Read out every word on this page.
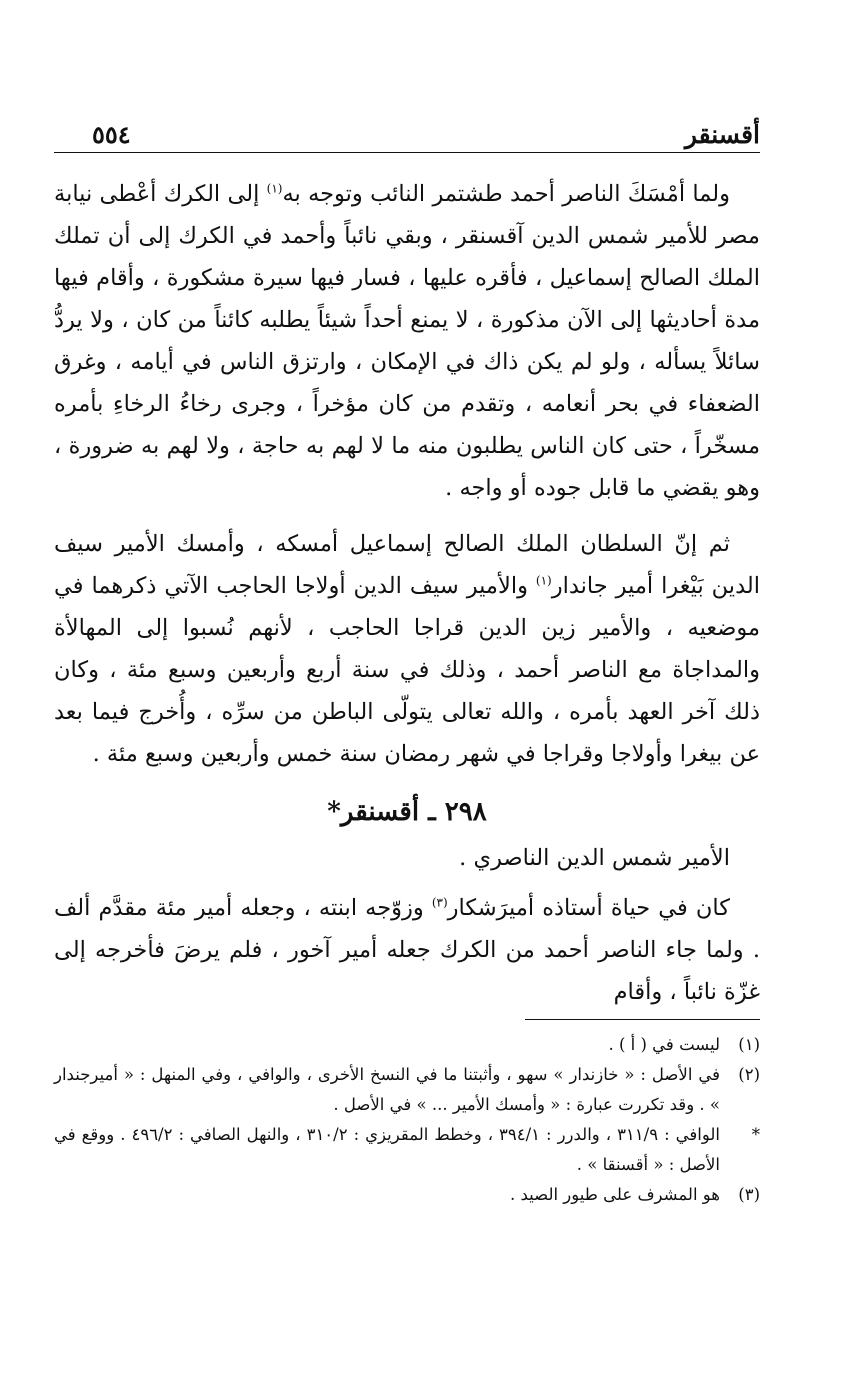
أقسنقر
٥٥٤

ولما أمْسَكَ الناصر أحمد طشتمر النائب وتوجه به$^{(١)}$ إلى الكرك أعْطى نيابة مصر للأمير شمس الدين آقسنقر ، وبقي نائباً وأحمد في الكرك إلى أن تملك الملك الصالح إسماعيل ، فأقره عليها ، فسار فيها سيرة مشكورة ، وأقام فيها مدة أحاديثها إلى الآن مذكورة ، لا يمنع أحداً شيئاً يطلبه كائناً من كان ، ولا يردُّ سائلاً يسأله ، ولو لم يكن ذاك في الإمكان ، وارتزق الناس في أيامه ، وغرق الضعفاء في بحر أنعامه ، وتقدم من كان مؤخراً ، وجرى رخاءُ الرخاءِ بأمره مسخّراً ، حتى كان الناس يطلبون منه ما لا لهم به حاجة ، ولا لهم به ضرورة ، وهو يقضي ما قابل جوده أو واجه .

ثم إنّ السلطان الملك الصالح إسماعيل أمسكه ، وأمسك الأمير سيف الدين بَيْغرا أمير جاندار$^{(١)}$ والأمير سيف الدين أولاجا الحاجب الآتي ذكرهما في موضعيه ، والأمير زين الدين قراجا الحاجب ، لأنهم نُسبوا إلى المهالأة والمداجاة مع الناصر أحمد ، وذلك في سنة أربع وأربعين وسبع مئة ، وكان ذلك آخر العهد بأمره ، والله تعالى يتولّى الباطن من سرِّه ، وأُخرج فيما بعد عن بيغرا وأولاجا وقراجا في شهر رمضان سنة خمس وأربعين وسبع مئة .

٢٩٨ ـ أقسنقر*

الأمير شمس الدين الناصري .

كان في حياة أستاذه أميرَشكار$^{(٣)}$ وزوّجه ابنته ، وجعله أمير مئة مقدَّم ألف . ولما جاء الناصر أحمد من الكرك جعله أمير آخور ، فلم يرضَ فأخرجه إلى غزّة نائباً ، وأقام

(١)
ليست في ( أ ) .

(٢)
في الأصل : « خازندار » سهو ، وأثبتنا ما في النسخ الأخرى ، والوافي ، وفي المنهل : « أميرجندار » . وقد تكررت عبارة : « وأمسك الأمير ... » في الأصل .

*
الوافي : ٣١١/٩ ، والدرر : ٣٩٤/١ ، وخطط المقريزي : ٣١٠/٢ ، والنهل الصافي : ٤٩٦/٢ . ووقع في الأصل : « أقسنقا » .

(٣)
هو المشرف على طيور الصيد .
